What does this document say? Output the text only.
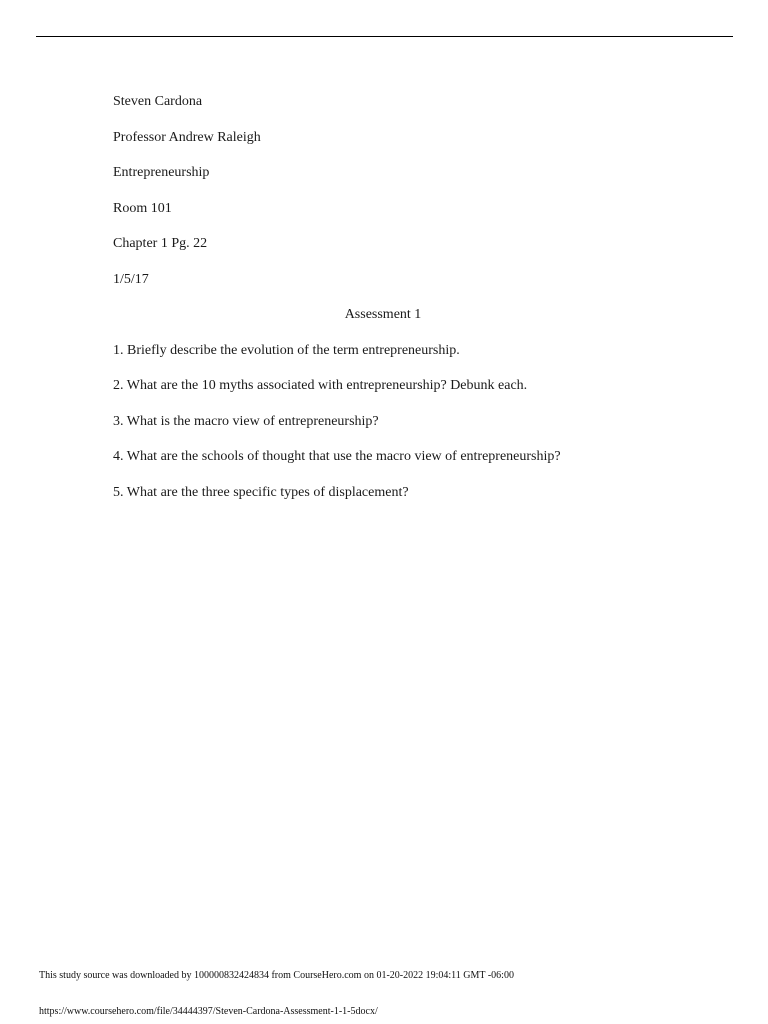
Steven Cardona
Professor Andrew Raleigh
Entrepreneurship
Room 101
Chapter 1 Pg. 22
1/5/17
Assessment 1
1. Briefly describe the evolution of the term entrepreneurship.
2. What are the 10 myths associated with entrepreneurship? Debunk each.
3. What is the macro view of entrepreneurship?
4. What are the schools of thought that use the macro view of entrepreneurship?
5. What are the three specific types of displacement?
This study source was downloaded by 100000832424834 from CourseHero.com on 01-20-2022 19:04:11 GMT -06:00
https://www.coursehero.com/file/34444397/Steven-Cardona-Assessment-1-1-5docx/
